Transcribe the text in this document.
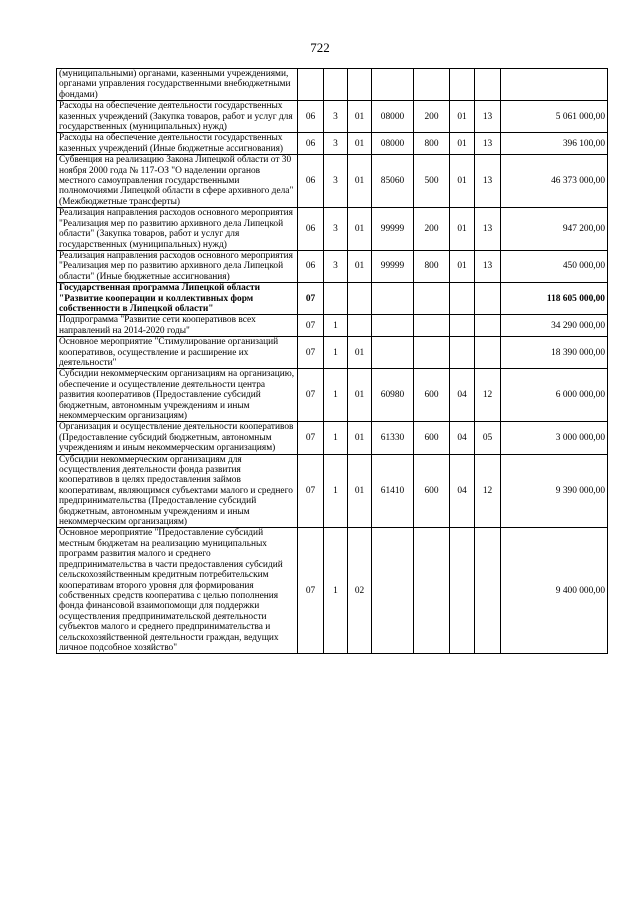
722
(муниципальными) органами, казенными учреждениями, органами управления государственными внебюджетными фондами)								
Расходы на обеспечение деятельности государственных казенных учреждений (Закупка товаров, работ и услуг для государственных (муниципальных) нужд)	06	3	01	08000	200	01	13	5 061 000,00
Расходы на обеспечение деятельности государственных казенных учреждений (Иные бюджетные ассигнования)	06	3	01	08000	800	01	13	396 100,00
Субвенция на реализацию Закона Липецкой области от 30 ноября 2000 года № 117-ОЗ "О наделении органов местного самоуправления государственными полномочиями Липецкой области в сфере архивного дела" (Межбюджетные трансферты)	06	3	01	85060	500	01	13	46 373 000,00
Реализация направления расходов основного мероприятия "Реализация мер по развитию архивного дела Липецкой области" (Закупка товаров, работ и услуг для государственных (муниципальных) нужд)	06	3	01	99999	200	01	13	947 200,00
Реализация направления расходов основного мероприятия "Реализация мер по развитию архивного дела Липецкой области" (Иные бюджетные ассигнования)	06	3	01	99999	800	01	13	450 000,00
Государственная программа Липецкой области "Развитие кооперации и коллективных форм собственности в Липецкой области"	07							118 605 000,00
Подпрограмма "Развитие сети кооперативов всех направлений на 2014-2020 годы"	07	1						34 290 000,00
Основное мероприятие "Стимулирование организаций кооперативов, осуществление и расширение их деятельности"	07	1	01					18 390 000,00
Субсидии некоммерческим организациям на организацию, обеспечение и осуществление деятельности центра развития кооперативов (Предоставление субсидий бюджетным, автономным учреждениям и иным некоммерческим организациям)	07	1	01	60980	600	04	12	6 000 000,00
Организация и осуществление деятельности кооперативов (Предоставление субсидий бюджетным, автономным учреждениям и иным некоммерческим организациям)	07	1	01	61330	600	04	05	3 000 000,00
Субсидии некоммерческим организациям для осуществления деятельности фонда развития кооперативов в целях предоставления займов кооперативам, являющимся субъектами малого и среднего предпринимательства (Предоставление субсидий бюджетным, автономным учреждениям и иным некоммерческим организациям)	07	1	01	61410	600	04	12	9 390 000,00
Основное мероприятие "Предоставление субсидий местным бюджетам на реализацию муниципальных программ развития малого и среднего предпринимательства в части предоставления субсидий сельскохозяйственным кредитным потребительским кооперативам второго уровня для формирования собственных средств кооператива с целью пополнения фонда финансовой взаимопомощи для поддержки осуществления предпринимательской деятельности субъектов малого и среднего предпринимательства и сельскохозяйственной деятельности граждан, ведущих личное подсобное хозяйство"	07	1	02					9 400 000,00
